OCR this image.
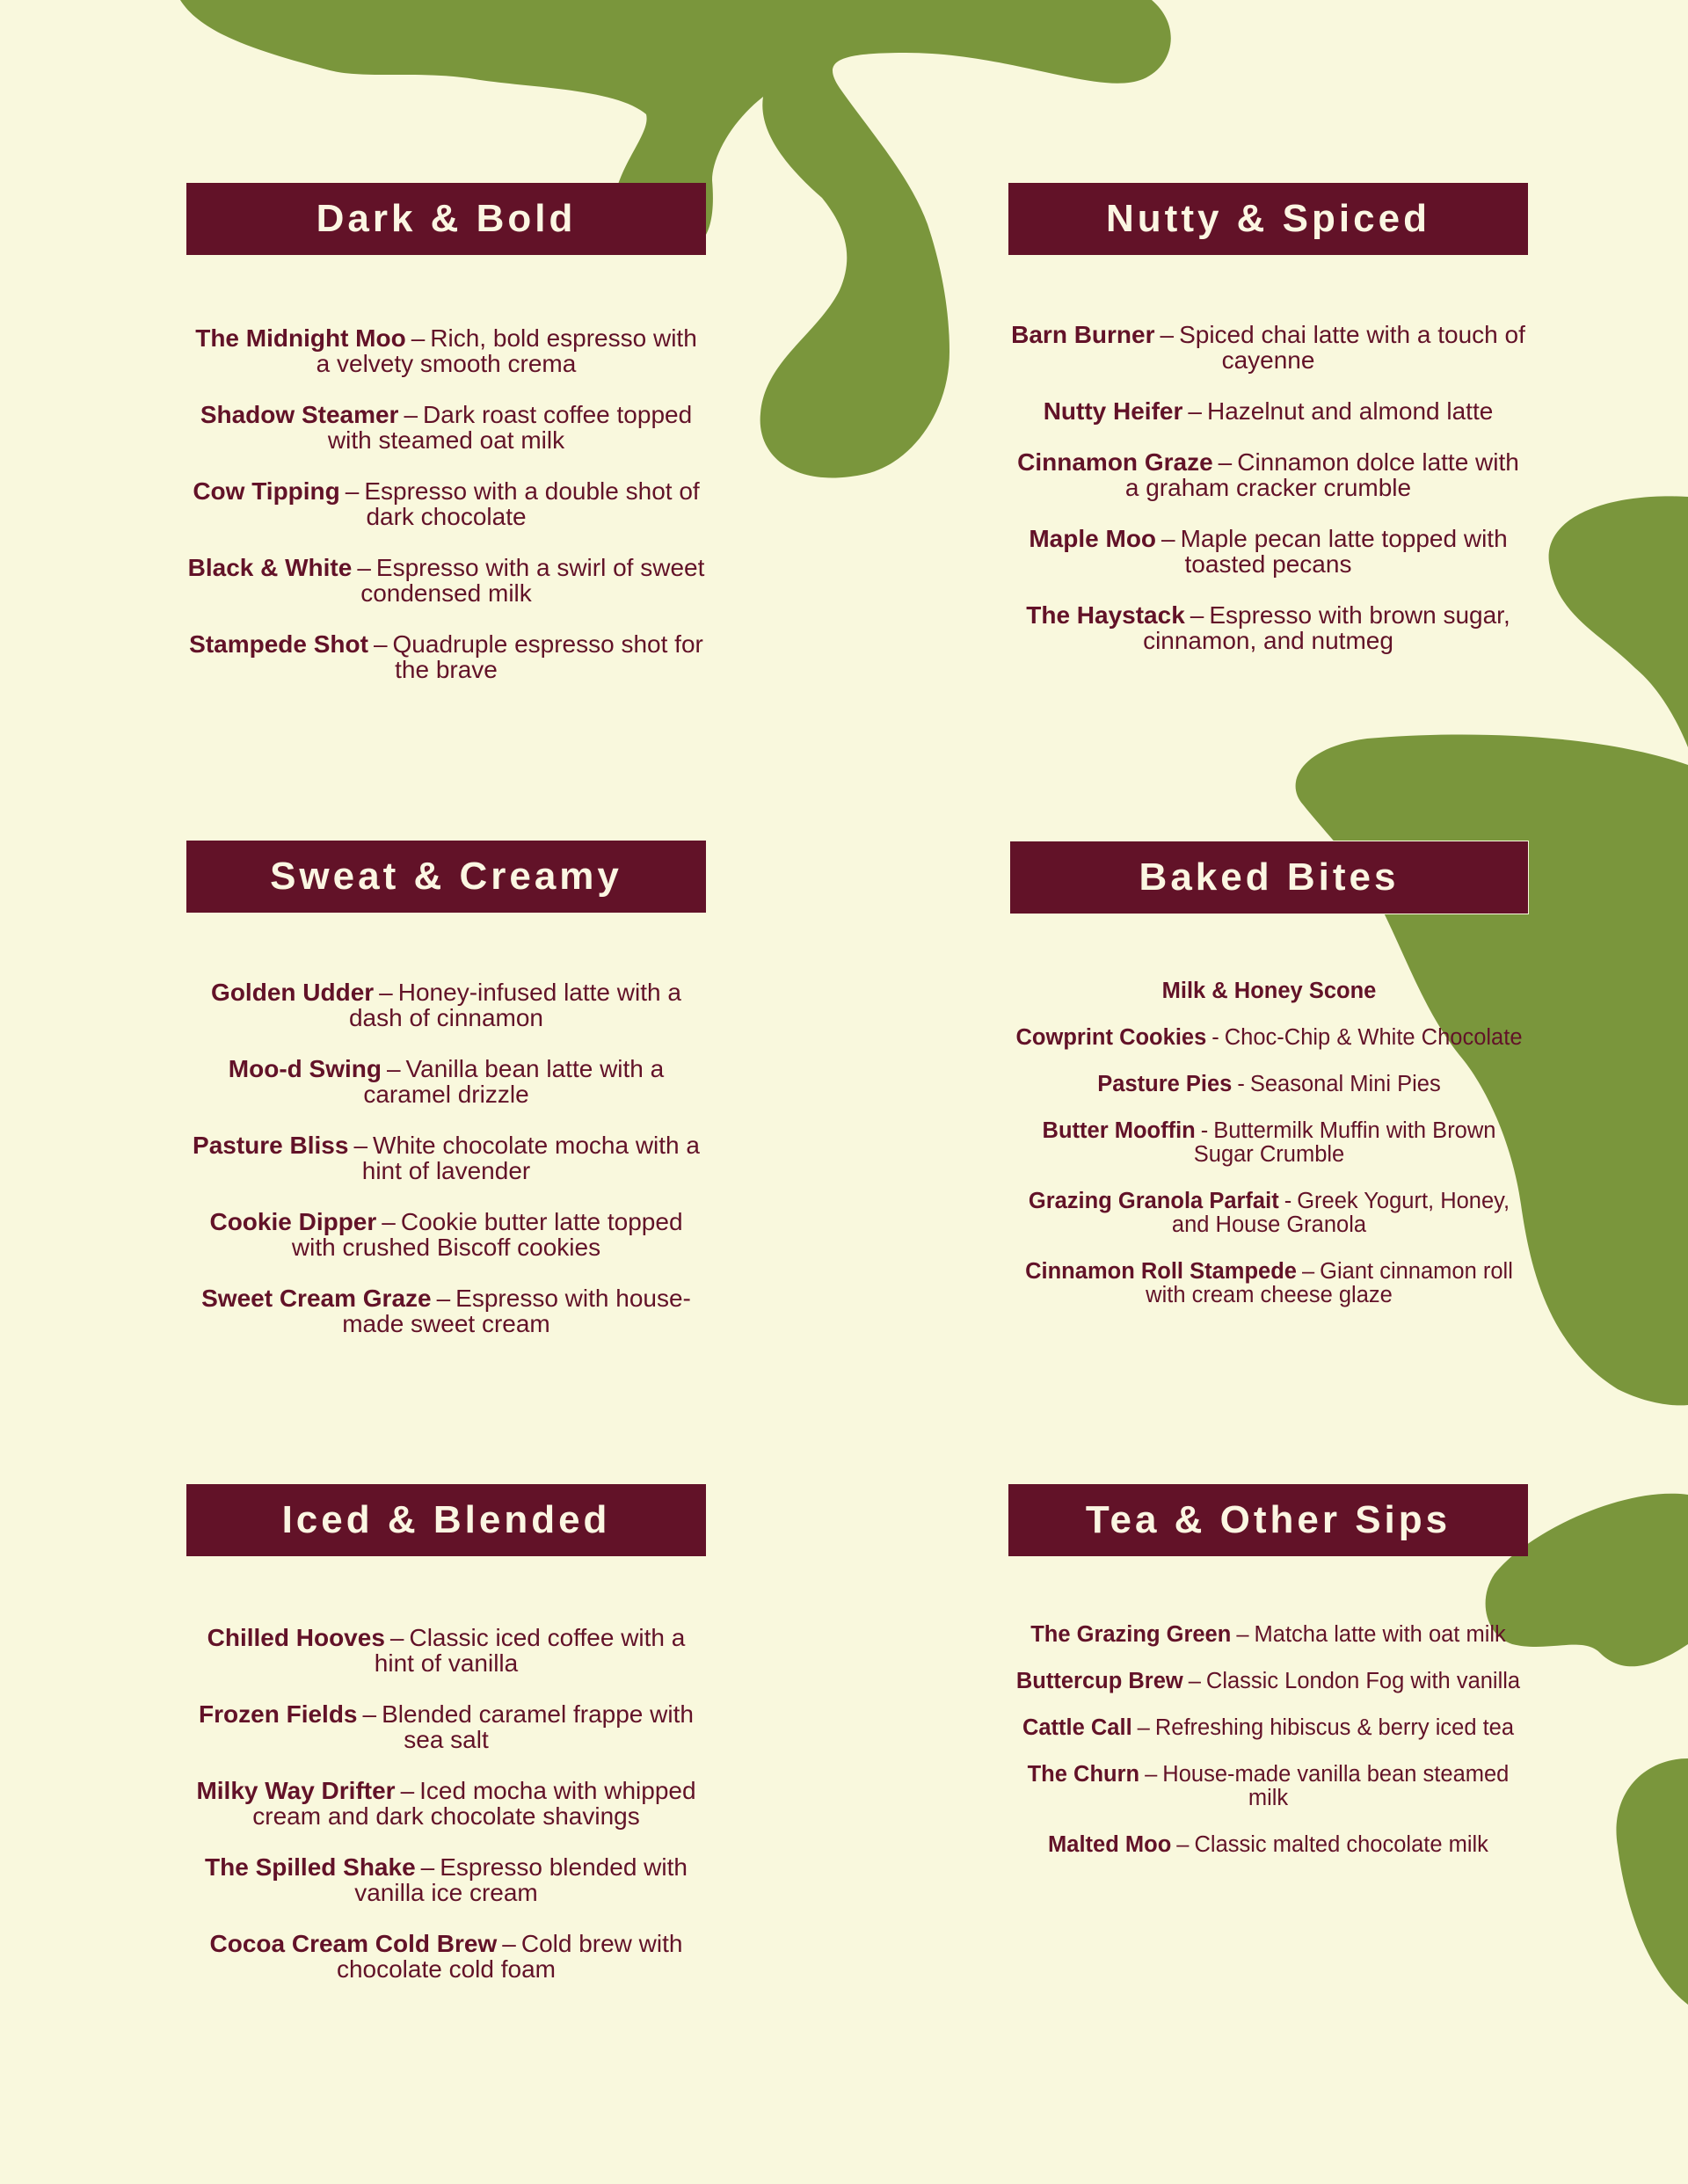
Dark & Bold
The Midnight Moo – Rich, bold espresso with a velvety smooth crema
Shadow Steamer – Dark roast coffee topped with steamed oat milk
Cow Tipping – Espresso with a double shot of dark chocolate
Black & White – Espresso with a swirl of sweet condensed milk
Stampede Shot – Quadruple espresso shot for the brave
Nutty & Spiced
Barn Burner – Spiced chai latte with a touch of cayenne
Nutty Heifer – Hazelnut and almond latte
Cinnamon Graze – Cinnamon dolce latte with a graham cracker crumble
Maple Moo – Maple pecan latte topped with toasted pecans
The Haystack – Espresso with brown sugar, cinnamon, and nutmeg
Sweat & Creamy
Golden Udder – Honey-infused latte with a dash of cinnamon
Moo-d Swing – Vanilla bean latte with a caramel drizzle
Pasture Bliss – White chocolate mocha with a hint of lavender
Cookie Dipper – Cookie butter latte topped with crushed Biscoff cookies
Sweet Cream Graze – Espresso with house-made sweet cream
Baked Bites
Milk & Honey Scone
Cowprint Cookies - Choc-Chip & White Chocolate
Pasture Pies - Seasonal Mini Pies
Butter Mooffin - Buttermilk Muffin with Brown Sugar Crumble
Grazing Granola Parfait - Greek Yogurt, Honey, and House Granola
Cinnamon Roll Stampede – Giant cinnamon roll with cream cheese glaze
Iced & Blended
Chilled Hooves – Classic iced coffee with a hint of vanilla
Frozen Fields – Blended caramel frappe with sea salt
Milky Way Drifter – Iced mocha with whipped cream and dark chocolate shavings
The Spilled Shake – Espresso blended with vanilla ice cream
Cocoa Cream Cold Brew – Cold brew with chocolate cold foam
Tea & Other Sips
The Grazing Green – Matcha latte with oat milk
Buttercup Brew – Classic London Fog with vanilla
Cattle Call – Refreshing hibiscus & berry iced tea
The Churn – House-made vanilla bean steamed milk
Malted Moo – Classic malted chocolate milk
